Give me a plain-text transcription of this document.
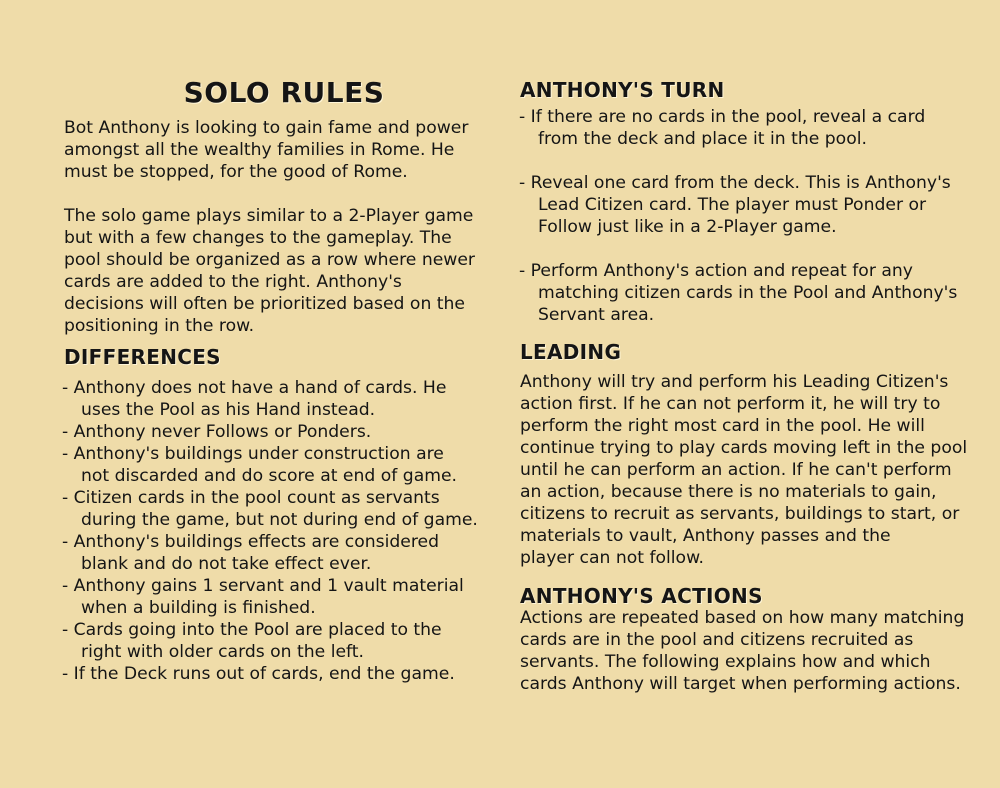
SOLO RULES

Bot Anthony is looking to gain fame and power
amongst all the wealthy families in Rome. He
must be stopped, for the good of Rome.

The solo game plays similar to a 2-Player game
but with a few changes to the gameplay. The
pool should be organized as a row where newer
cards are added to the right. Anthony's
decisions will often be prioritized based on the
positioning in the row.

DIFFERENCES
- Anthony does not have a hand of cards. He
uses the Pool as his Hand instead.
- Anthony never Follows or Ponders.
- Anthony's buildings under construction are
not discarded and do score at end of game.
- Citizen cards in the pool count as servants
during the game, but not during end of game.
- Anthony's buildings effects are considered
blank and do not take effect ever.
- Anthony gains 1 servant and 1 vault material
when a building is finished.
- Cards going into the Pool are placed to the
right with older cards on the left.
- If the Deck runs out of cards, end the game.
ANTHONY'S TURN
- If there are no cards in the pool, reveal a card
from the deck and place it in the pool.
- Reveal one card from the deck. This is Anthony's
Lead Citizen card. The player must Ponder or
Follow just like in a 2-Player game.
- Perform Anthony's action and repeat for any
matching citizen cards in the Pool and Anthony's
Servant area.
LEADING

Anthony will try and perform his Leading Citizen's
action first. If he can not perform it, he will try to
perform the right most card in the pool. He will
continue trying to play cards moving left in the pool
until he can perform an action. If he can't perform
an action, because there is no materials to gain,
citizens to recruit as servants, buildings to start, or
materials to vault, Anthony passes and the
player can not follow.

ANTHONY'S ACTIONS

Actions are repeated based on how many matching
cards are in the pool and citizens recruited as
servants. The following explains how and which
cards Anthony will target when performing actions.
